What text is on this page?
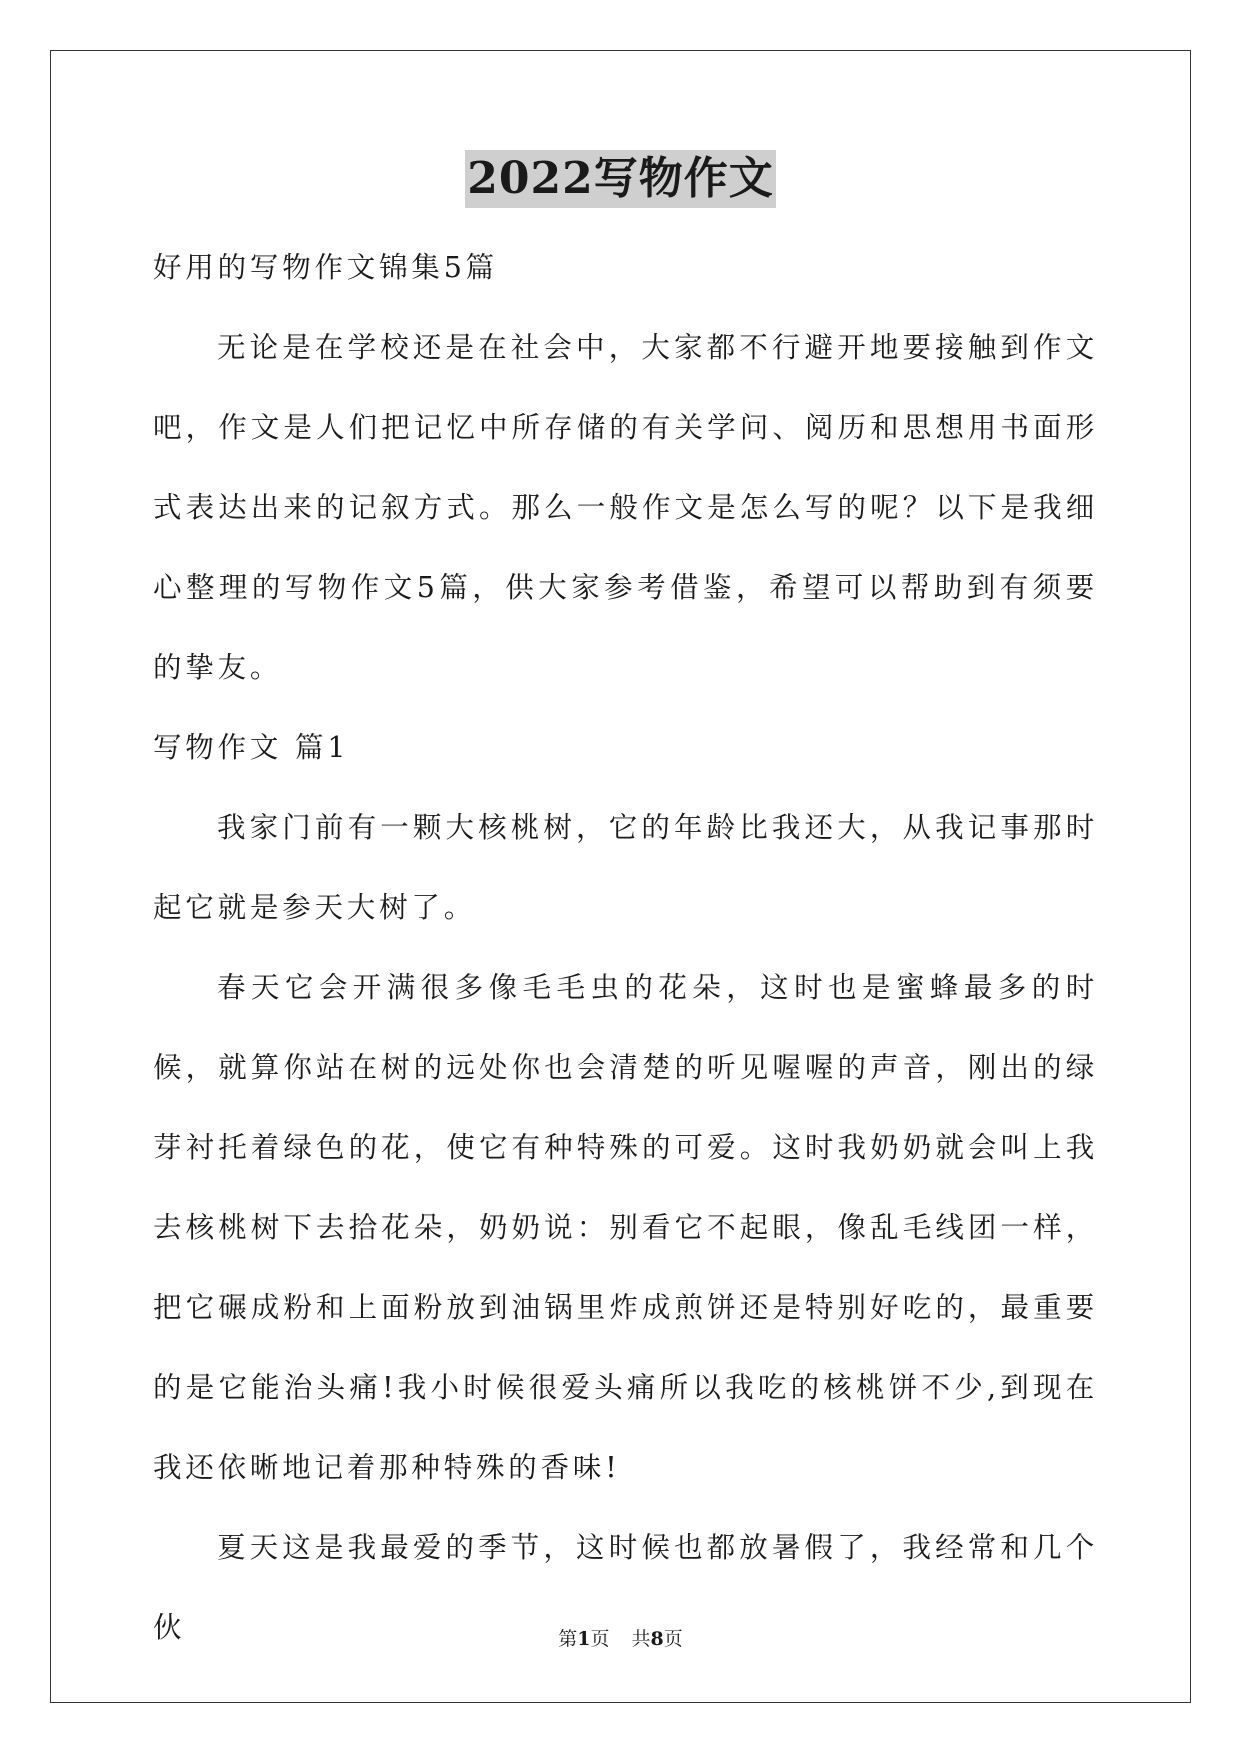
2022写物作文
好用的写物作文锦集5篇

无论是在学校还是在社会中，大家都不行避开地要接触到作文吧，作文是人们把记忆中所存储的有关学问、阅历和思想用书面形式表达出来的记叙方式。那么一般作文是怎么写的呢？以下是我细心整理的写物作文5篇，供大家参考借鉴，希望可以帮助到有须要的挚友。

写物作文 篇1

我家门前有一颗大核桃树，它的年龄比我还大，从我记事那时起它就是参天大树了。

春天它会开满很多像毛毛虫的花朵，这时也是蜜蜂最多的时候，就算你站在树的远处你也会清楚的听见喔喔的声音，刚出的绿芽衬托着绿色的花，使它有种特殊的可爱。这时我奶奶就会叫上我去核桃树下去拾花朵，奶奶说：别看它不起眼，像乱毛线团一样，把它碾成粉和上面粉放到油锅里炸成煎饼还是特别好吃的，最重要的是它能治头痛!我小时候很爱头痛所以我吃的核桃饼不少,到现在我还依晰地记着那种特殊的香味!

夏天这是我最爱的季节，这时候也都放暑假了，我经常和几个伙	第1页 共8页
